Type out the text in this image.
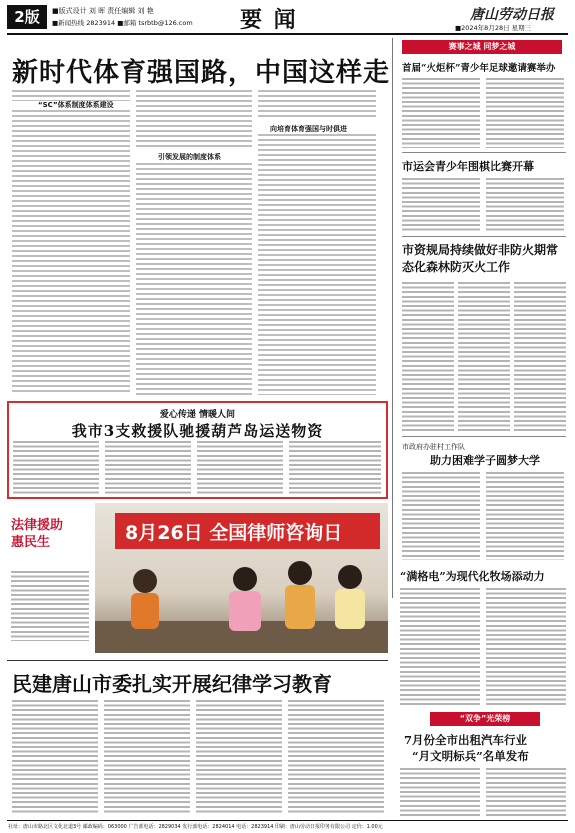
2版	■版式设计 刘 晖 责任编辑 刘 艳
■新闻热线 2823914 ■邮箱 tsrbtb@126.com 要 闻	唐山劳动日报
■2024年8月28日 星期三
新时代体育强国路，中国这样走
“SC”体系制度体系建设
引领发展的制度体系
向培育体育强国与时俱进
赛事之城 同梦之城
首届“火炬杯”青少年足球邀请赛举办
市运会青少年围棋比赛开幕
市资规局持续做好非防火期常态化森林防灭火工作
市政府办驻村工作队
助力困难学子圆梦大学
爱心传递 情暖人间
我市3支救援队驰援葫芦岛运送物资
法律援助
惠民生	8月26日 全国律师咨询日
“满格电”为现代化牧场添动力
民建唐山市委扎实开展纪律学习教育
“双争”光荣榜
7月份全市出租汽车行业
“月文明标兵”名单发布
社址：唐山市路北区文化北道3号 邮政编码：063000 广告部电话：2829034 发行部电话：2824014 电话：2823914 印刷：唐山劳动日报印务有限公司 定价：1.00元
